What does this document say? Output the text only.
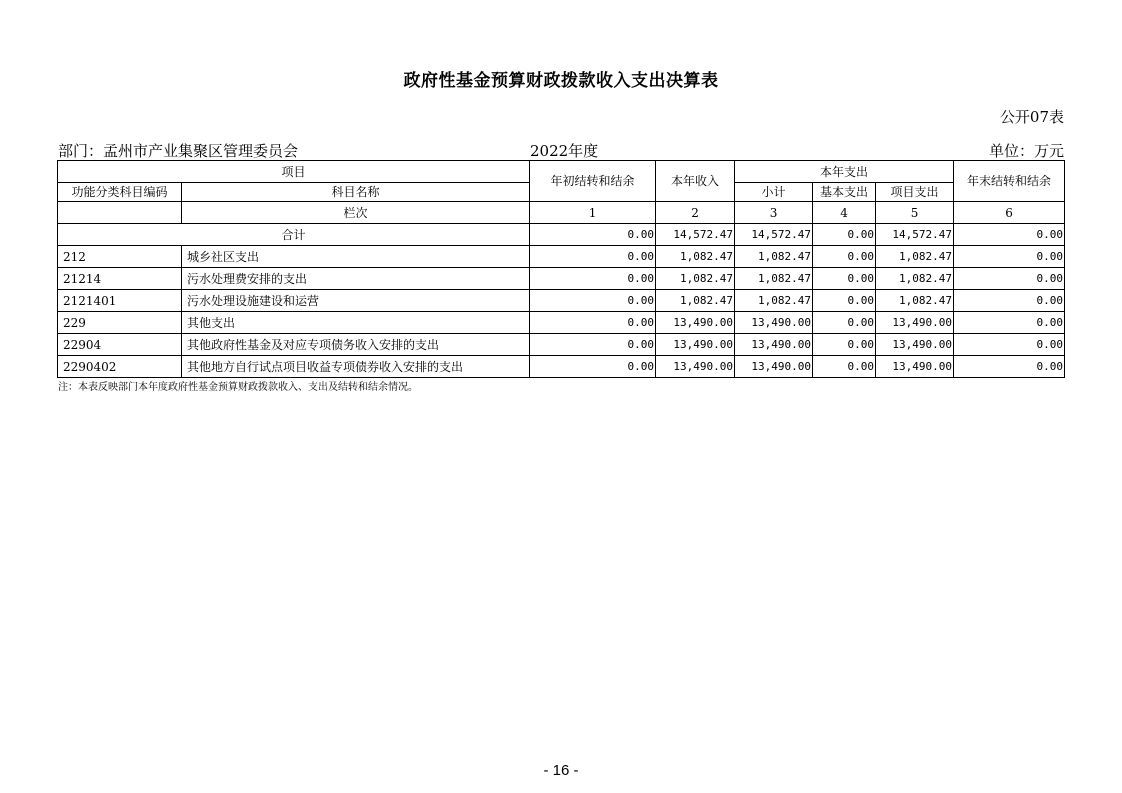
政府性基金预算财政拨款收入支出决算表
公开07表
部门：孟州市产业集聚区管理委员会	2022年度	单位：万元
项目		年初结转和结余	本年收入	本年支出			年末结转和结余
功能分类科目编码	科目名称			小计	基本支出	项目支出	
	栏次	1	2	3	4	5	6
合计		0.00	14,572.47	14,572.47	0.00	14,572.47	0.00
212	城乡社区支出	0.00	1,082.47	1,082.47	0.00	1,082.47	0.00
21214	污水处理费安排的支出	0.00	1,082.47	1,082.47	0.00	1,082.47	0.00
2121401	污水处理设施建设和运营	0.00	1,082.47	1,082.47	0.00	1,082.47	0.00
229	其他支出	0.00	13,490.00	13,490.00	0.00	13,490.00	0.00
22904	其他政府性基金及对应专项债务收入安排的支出	0.00	13,490.00	13,490.00	0.00	13,490.00	0.00
2290402	其他地方自行试点项目收益专项债券收入安排的支出	0.00	13,490.00	13,490.00	0.00	13,490.00	0.00
注：本表反映部门本年度政府性基金预算财政拨款收入、支出及结转和结余情况。
- 16 -
